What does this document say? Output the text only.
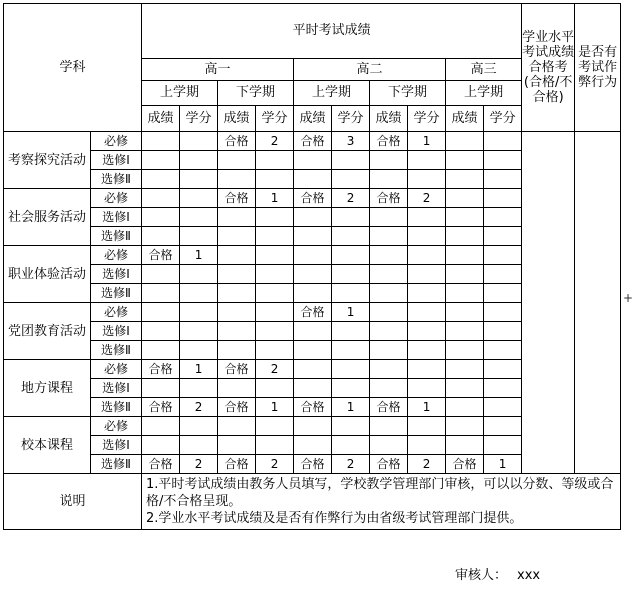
学科		平时考试成绩										学业水平考试成绩合格考(合格/不合格)	是否有考试作弊行为
		高一				高二				高三			
		上学期		下学期		上学期		下学期		上学期			
		成绩	学分	成绩	学分	成绩	学分	成绩	学分	成绩	学分		
考察探究活动	必修			合格	2	合格	3	合格	1				
	选修Ⅰ												
	选修Ⅱ												
社会服务活动	必修			合格	1	合格	2	合格	2				
	选修Ⅰ												
	选修Ⅱ												
职业体验活动	必修	合格	1										
	选修Ⅰ												
	选修Ⅱ												
党团教育活动	必修					合格	1						
	选修Ⅰ												
	选修Ⅱ												
地方课程	必修	合格	1	合格	2								
	选修Ⅰ												
	选修Ⅱ	合格	2	合格	1	合格	1	合格	1				
校本课程	必修												
	选修Ⅰ												
	选修Ⅱ	合格	2	合格	2	合格	2	合格	2	合格	1		
说明		1.平时考试成绩由教务人员填写，学校教学管理部门审核，可以以分数、等级或合格/不合格呈现。
2.学业水平考试成绩及是否有作弊行为由省级考试管理部门提供。											
审核人： xxx
+
